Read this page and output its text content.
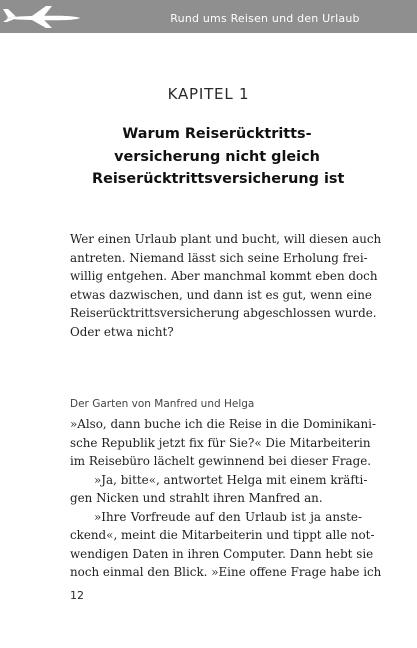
Rund ums Reisen und den Urlaub
KAPITEL 1
Warum Reiserücktritts-
versicherung nicht gleich
Reiserücktrittsversicherung ist
Wer einen Urlaub plant und bucht, will diesen auch
antreten. Niemand lässt sich seine Erholung frei-
willig entgehen. Aber manchmal kommt eben doch
etwas dazwischen, und dann ist es gut, wenn eine
Reiserücktrittsversicherung abgeschlossen wurde.
Oder etwa nicht?
Der Garten von Manfred und Helga
»Also, dann buche ich die Reise in die Dominikani-
sche Republik jetzt fix für Sie?« Die Mitarbeiterin
im Reisebüro lächelt gewinnend bei dieser Frage.
»Ja, bitte«, antwortet Helga mit einem kräfti-
gen Nicken und strahlt ihren Manfred an.
»Ihre Vorfreude auf den Urlaub ist ja anste-
ckend«, meint die Mitarbeiterin und tippt alle not-
wendigen Daten in ihren Computer. Dann hebt sie
noch einmal den Blick. »Eine offene Frage habe ich
12
